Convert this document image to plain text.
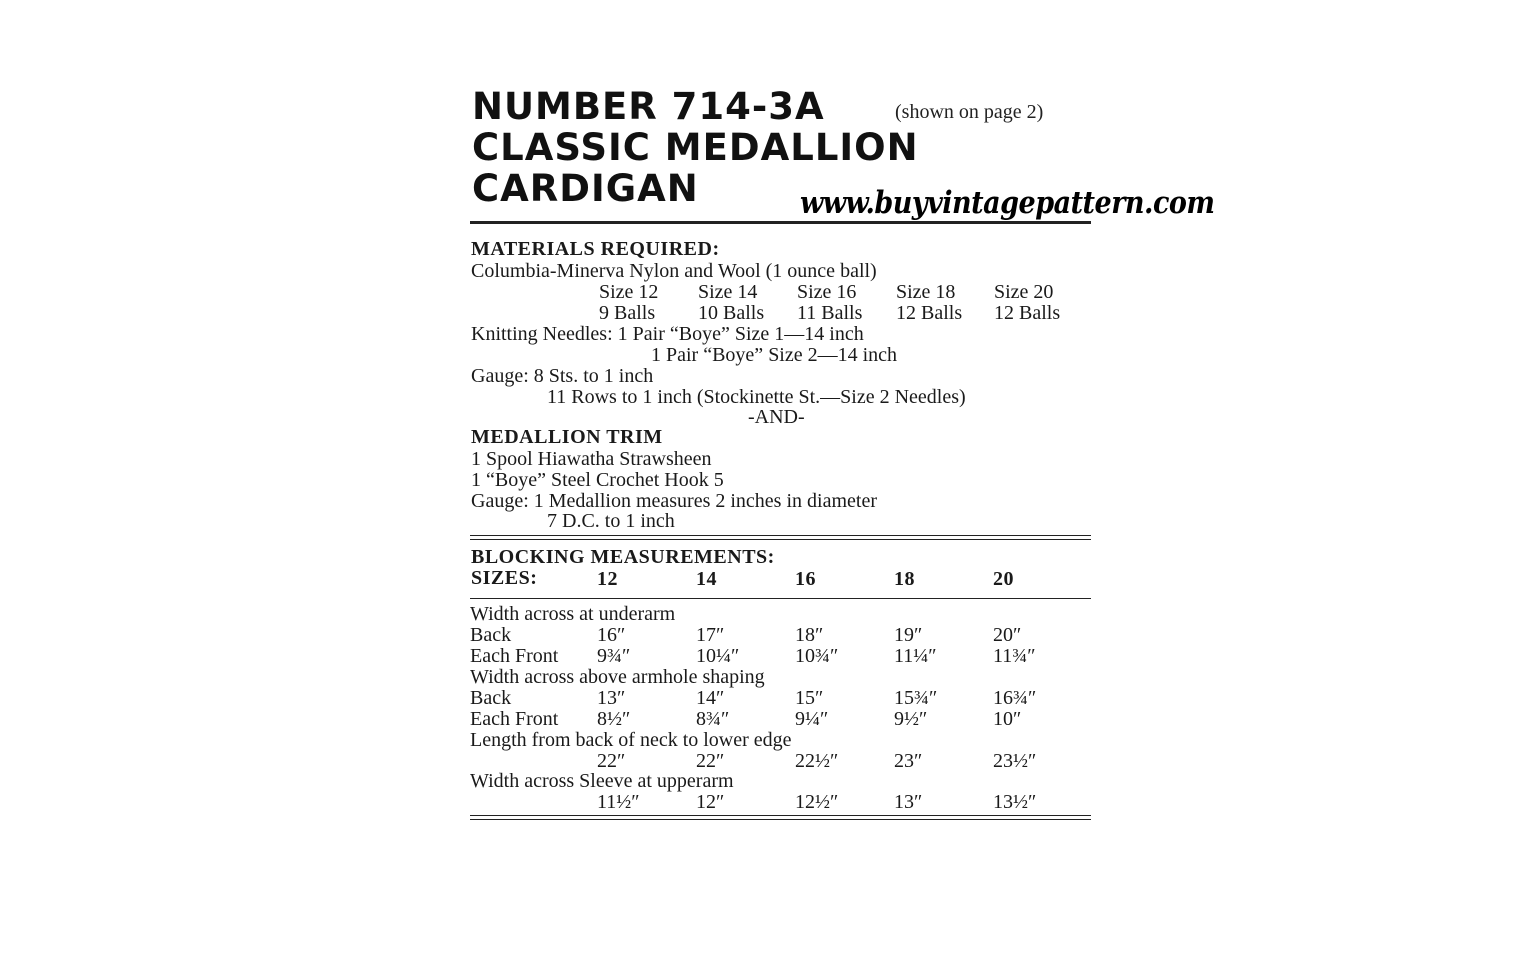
NUMBER 714-3A	(shown on page 2)
CLASSIC MEDALLION
CARDIGAN	www.buyvintagepattern.com
MATERIALS REQUIRED:
Columbia-Minerva Nylon and Wool (1 ounce ball)
Size 12 Size 14 Size 16 Size 18 Size 20
9 Balls 10 Balls 11 Balls 12 Balls 12 Balls
Knitting Needles: 1 Pair “Boye” Size 1—14 inch
1 Pair “Boye” Size 2—14 inch
Gauge: 8 Sts. to 1 inch
11 Rows to 1 inch (Stockinette St.—Size 2 Needles)
-AND-
MEDALLION TRIM
1 Spool Hiawatha Strawsheen
1 “Boye” Steel Crochet Hook 5
Gauge: 1 Medallion measures 2 inches in diameter
7 D.C. to 1 inch
BLOCKING MEASUREMENTS:
SIZES:	12	14	16	18	20
Width across at underarm
Back	16″	17″	18″	19″	20″
Each Front 9¾″	10¼″	10¾″	11¼″	11¾″
Width across above armhole shaping
Back	13″	14″	15″	15¾″	16¾″
Each Front 8½″	8¾″	9¼″	9½″	10″
Length from back of neck to lower edge
22″	22″	22½″	23″	23½″
Width across Sleeve at upperarm
11½″	12″	12½″	13″	13½″
